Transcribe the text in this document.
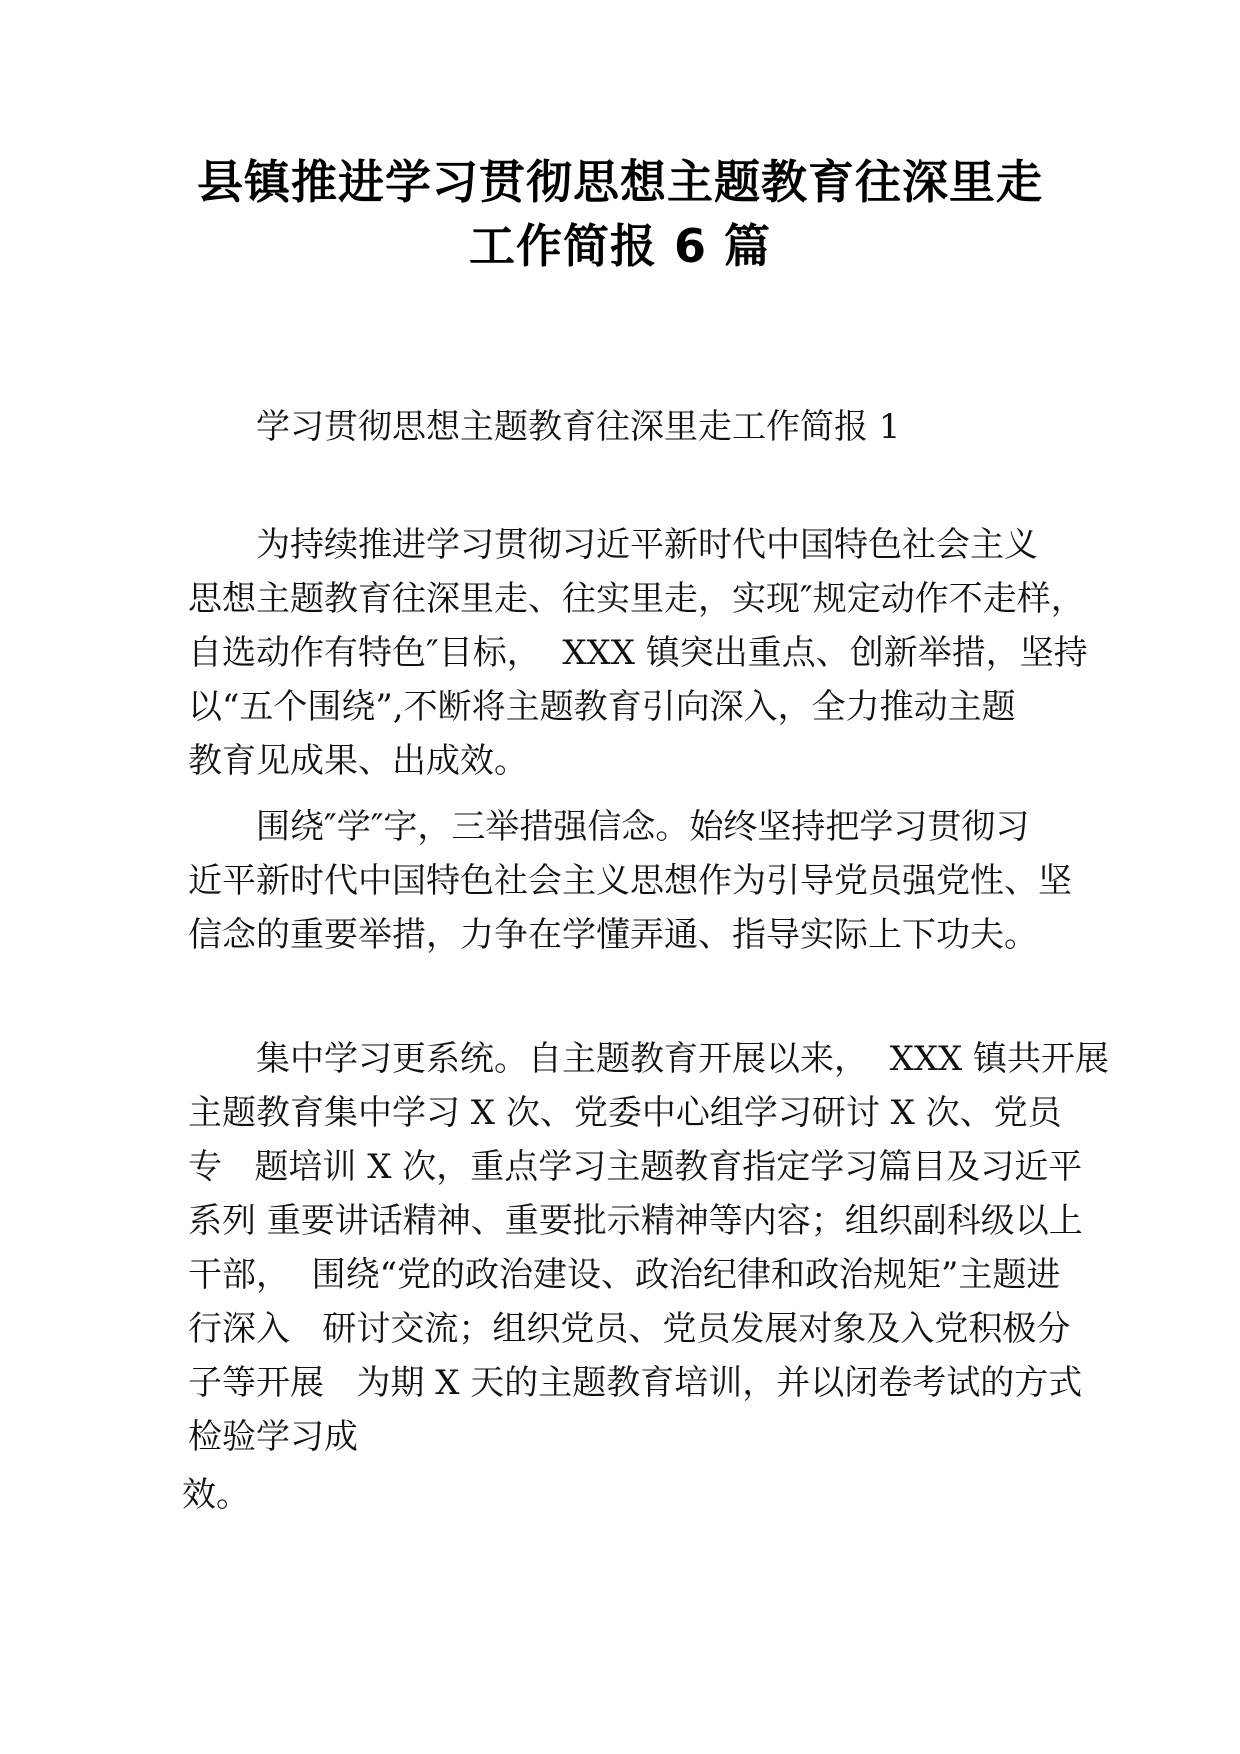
县镇推进学习贯彻思想主题教育往深里走
工作简报 6 篇
学习贯彻思想主题教育往深里走工作简报 1
为持续推进学习贯彻习近平新时代中国特色社会主义
思想主题教育往深里走、往实里走，实现″规定动作不走样，
自选动作有特色″目标，  XXX 镇突出重点、创新举措，坚持
以“五个围绕”,不断将主题教育引向深入，全力推动主题
教育见成果、出成效。
围绕″学″字，三举措强信念。始终坚持把学习贯彻习
近平新时代中国特色社会主义思想作为引导党员强党性、坚
信念的重要举措，力争在学懂弄通、指导实际上下功夫。
集中学习更系统。自主题教育开展以来，  XXX 镇共开展
主题教育集中学习 X 次、党委中心组学习研讨 X 次、党员
专   题培训 X 次，重点学习主题教育指定学习篇目及习近平
系列 重要讲话精神、重要批示精神等内容；组织副科级以上
干部，  围绕“党的政治建设、政治纪律和政治规矩”主题进
行深入   研讨交流；组织党员、党员发展对象及入党积极分
子等开展   为期 X 天的主题教育培训，并以闭卷考试的方式
检验学习成
效。
